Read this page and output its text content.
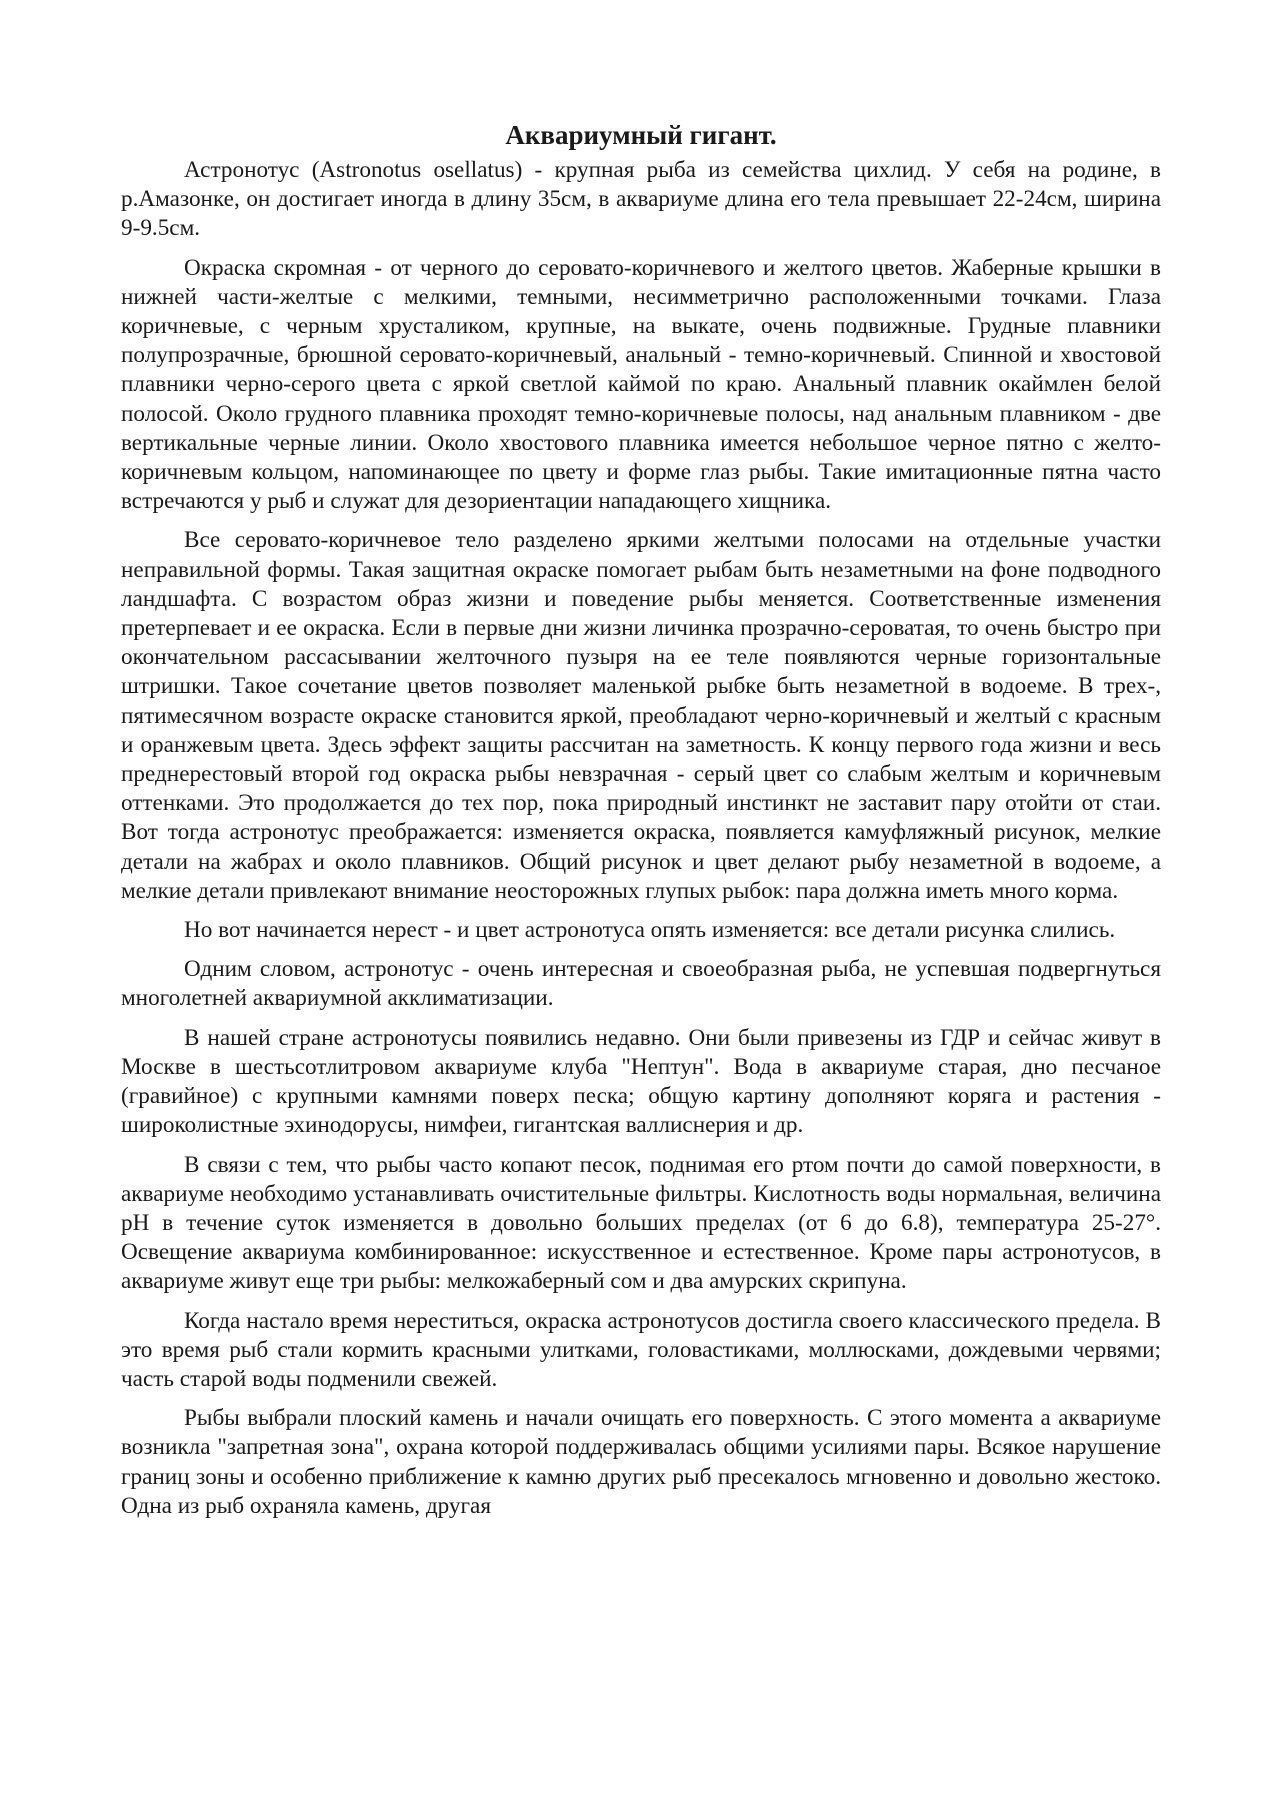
Аквариумный гигант.

Астронотус (Astronotus osellatus) - крупная рыба из семейства цихлид. У себя на родине, в р.Амазонке, он достигает иногда в длину 35см, в аквариуме длина его тела превышает 22-24см, ширина 9-9.5см.

Окраска скромная - от черного до серовато-коричневого и желтого цветов. Жаберные крышки в нижней части-желтые с мелкими, темными, несимметрично расположенными точками. Глаза коричневые, с черным хрусталиком, крупные, на выкате, очень подвижные. Грудные плавники полупрозрачные, брюшной серовато-коричневый, анальный - темно-коричневый. Спинной и хвостовой плавники черно-серого цвета с яркой светлой каймой по краю. Анальный плавник окаймлен белой полосой. Около грудного плавника проходят темно-коричневые полосы, над анальным плавником - две вертикальные черные линии. Около хвостового плавника имеется небольшое черное пятно с желто-коричневым кольцом, напоминающее по цвету и форме глаз рыбы. Такие имитационные пятна часто встречаются у рыб и служат для дезориентации нападающего хищника.

Все серовато-коричневое тело разделено яркими желтыми полосами на отдельные участки неправильной формы. Такая защитная окраске помогает рыбам быть незаметными на фоне подводного ландшафта. С возрастом образ жизни и поведение рыбы меняется. Соответственные изменения претерпевает и ее окраска. Если в первые дни жизни личинка прозрачно-сероватая, то очень быстро при окончательном рассасывании желточного пузыря на ее теле появляются черные горизонтальные штришки. Такое сочетание цветов позволяет маленькой рыбке быть незаметной в водоеме. В трех-, пятимесячном возрасте окраске становится яркой, преобладают черно-коричневый и желтый с красным и оранжевым цвета. Здесь эффект защиты рассчитан на заметность. К концу первого года жизни и весь преднерестовый второй год окраска рыбы невзрачная - серый цвет со слабым желтым и коричневым оттенками. Это продолжается до тех пор, пока природный инстинкт не заставит пару отойти от стаи. Вот тогда астронотус преображается: изменяется окраска, появляется камуфляжный рисунок, мелкие детали на жабрах и около плавников. Общий рисунок и цвет делают рыбу незаметной в водоеме, а мелкие детали привлекают внимание неосторожных глупых рыбок: пара должна иметь много корма.

Но вот начинается нерест - и цвет астронотуса опять изменяется: все детали рисунка слились.

Одним словом, астронотус - очень интересная и своеобразная рыба, не успевшая подвергнуться многолетней аквариумной акклиматизации.

В нашей стране астронотусы появились недавно. Они были привезены из ГДР и сейчас живут в Москве в шестьсотлитровом аквариуме клуба "Нептун". Вода в аквариуме старая, дно песчаное (гравийное) с крупными камнями поверх песка; общую картину дополняют коряга и растения - широколистные эхинодорусы, нимфеи, гигантская валлиснерия и др.

В связи с тем, что рыбы часто копают песок, поднимая его ртом почти до самой поверхности, в аквариуме необходимо устанавливать очистительные фильтры. Кислотность воды нормальная, величина pH в течение суток изменяется в довольно больших пределах (от 6 до 6.8), температура 25-27°. Освещение аквариума комбинированное: искусственное и естественное. Кроме пары астронотусов, в аквариуме живут еще три рыбы: мелкожаберный сом и два амурских скрипуна.

Когда настало время нереститься, окраска астронотусов достигла своего классического предела. В это время рыб стали кормить красными улитками, головастиками, моллюсками, дождевыми червями; часть старой воды подменили свежей.

Рыбы выбрали плоский камень и начали очищать его поверхность. С этого момента а аквариуме возникла "запретная зона", охрана которой поддерживалась общими усилиями пары. Всякое нарушение границ зоны и особенно приближение к камню других рыб пресекалось мгновенно и довольно жестоко. Одна из рыб охраняла камень, другая
